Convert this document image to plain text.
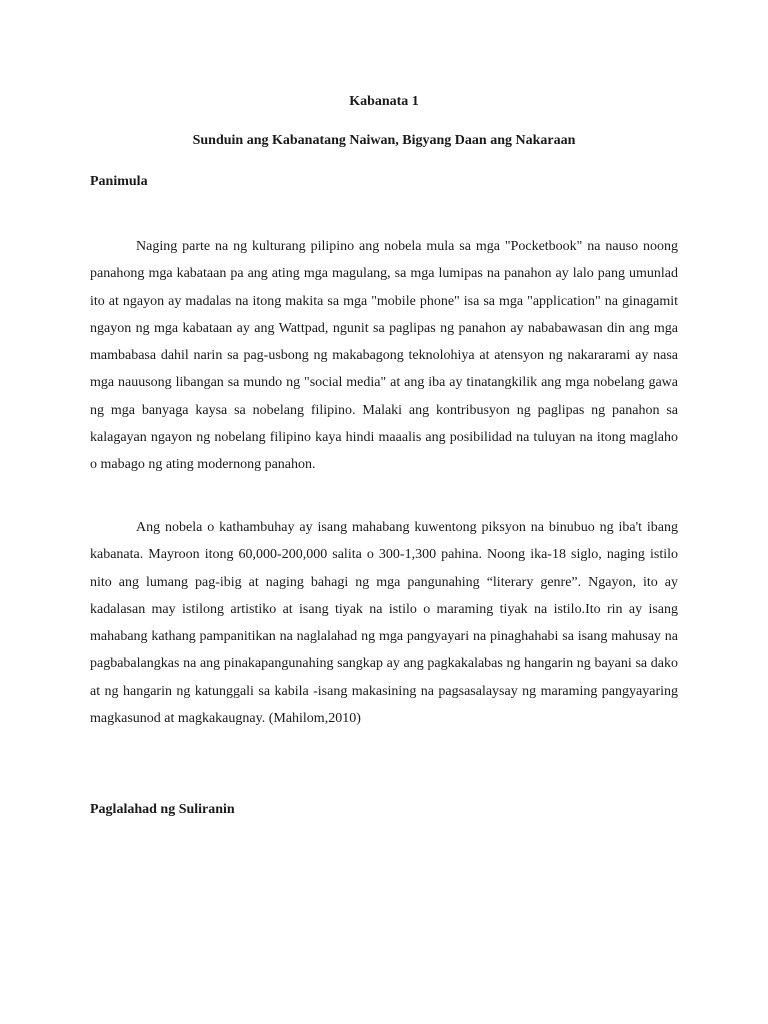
Kabanata 1
Sunduin ang Kabanatang Naiwan, Bigyang Daan ang Nakaraan
Panimula

Naging parte na ng kulturang pilipino ang nobela mula sa mga "Pocketbook" na nauso noong panahong mga kabataan pa ang ating mga magulang, sa mga lumipas na panahon ay lalo pang umunlad ito at ngayon ay madalas na itong makita sa mga "mobile phone" isa sa mga "application" na ginagamit ngayon ng mga kabataan ay ang Wattpad, ngunit sa paglipas ng panahon ay nababawasan din ang mga mambabasa dahil narin sa pag-usbong ng makabagong teknolohiya at atensyon ng nakararami ay nasa mga nauusong libangan sa mundo ng "social media" at ang iba ay tinatangkilik ang mga nobelang gawa ng mga banyaga kaysa sa nobelang filipino. Malaki ang kontribusyon ng paglipas ng panahon sa kalagayan ngayon ng nobelang filipino kaya hindi maaalis ang posibilidad na tuluyan na itong maglaho o mabago ng ating modernong panahon.

Ang nobela o kathambuhay ay isang mahabang kuwentong piksyon na binubuo ng iba't ibang kabanata. Mayroon itong 60,000-200,000 salita o 300-1,300 pahina. Noong ika-18 siglo, naging istilo nito ang lumang pag-ibig at naging bahagi ng mga pangunahing “literary genre”. Ngayon, ito ay kadalasan may istilong artistiko at isang tiyak na istilo o maraming tiyak na istilo.Ito rin ay isang mahabang kathang pampanitikan na naglalahad ng mga pangyayari na pinaghahabi sa isang mahusay na pagbabalangkas na ang pinakapangunahing sangkap ay ang pagkakalabas ng hangarin ng bayani sa dako at ng hangarin ng katunggali sa kabila -isang makasining na pagsasalaysay ng maraming pangyayaring magkasunod at magkakaugnay. (Mahilom,2010)

Paglalahad ng Suliranin
